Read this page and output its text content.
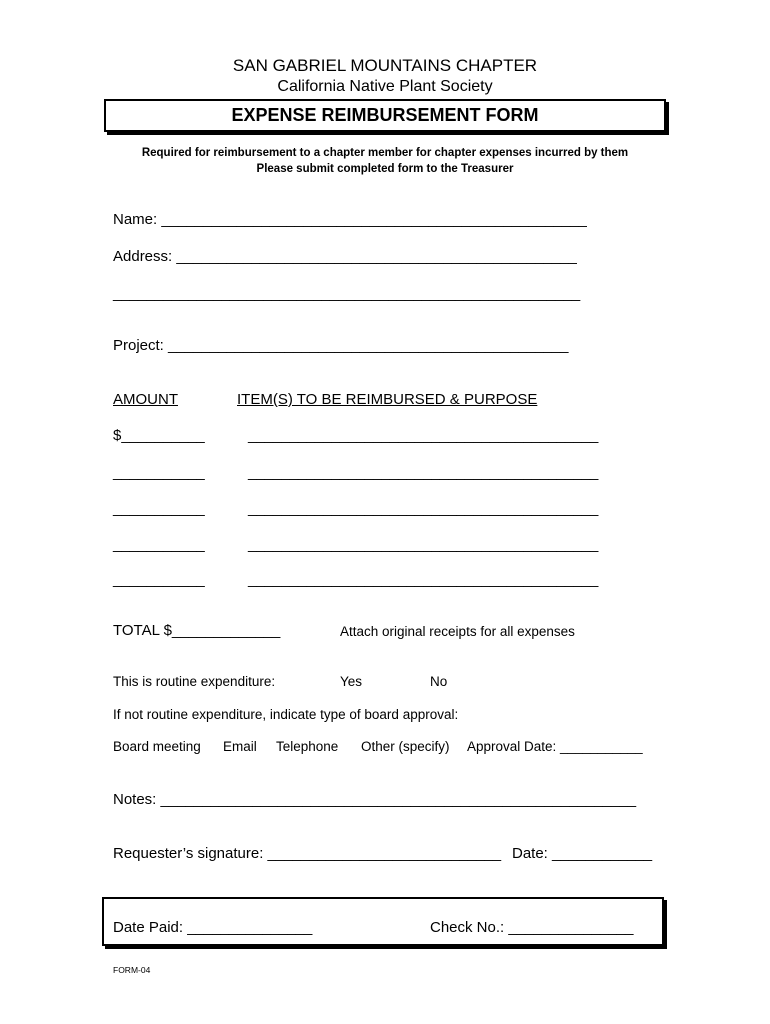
SAN GABRIEL MOUNTAINS CHAPTER
California Native Plant Society
EXPENSE REIMBURSEMENT FORM
Required for reimbursement to a chapter member for chapter expenses incurred by them
Please submit completed form to the Treasurer
Name: ___________________________________________________
Address: ________________________________________________
________________________________________________________
Project: ________________________________________________
AMOUNT	ITEM(S) TO BE REIMBURSED & PURPOSE
$__________	__________________________________________
___________	__________________________________________
___________	__________________________________________
___________	__________________________________________
___________	__________________________________________
TOTAL $_____________	Attach original receipts for all expenses
This is routine expenditure:	Yes	No
If not routine expenditure, indicate type of board approval:
Board meeting Email Telephone Other (specify) Approval Date: ___________
Notes: _________________________________________________________
Requester’s signature: ____________________________ Date: ____________
Date Paid: _______________	Check No.: _______________
FORM-04
